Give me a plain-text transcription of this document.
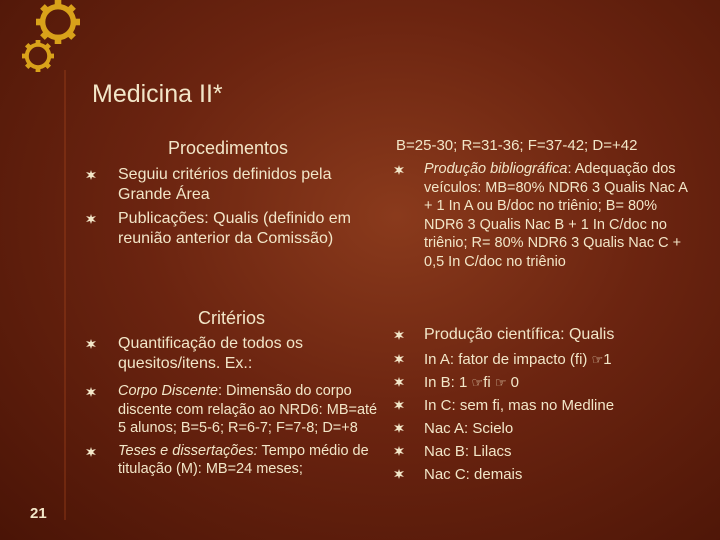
Medicina II*
Procedimentos
Seguiu critérios definidos pela Grande Área
Publicações: Qualis (definido em reunião anterior da Comissão)
Critérios
Quantificação de todos os quesitos/itens. Ex.:
Corpo Discente: Dimensão do corpo discente com relação ao NRD6: MB=até 5 alunos; B=5-6; R=6-7; F=7-8; D=+8
Teses e dissertações: Tempo médio de titulação (M): MB=24 meses;
B=25-30; R=31-36; F=37-42; D=+42
Produção bibliográfica: Adequação dos veículos: MB=80% NDR6 3 Qualis Nac A + 1 In A ou B/doc no triênio; B= 80% NDR6 3 Qualis Nac B + 1 In C/doc no triênio; R= 80% NDR6 3 Qualis Nac C + 0,5 In C/doc no triênio
Produção científica: Qualis
In A: fator de impacto (fi) ☞1
In B: 1 ☞fi ☞ 0
In C: sem fi, mas no Medline
Nac A: Scielo
Nac B: Lilacs
Nac C: demais
21
